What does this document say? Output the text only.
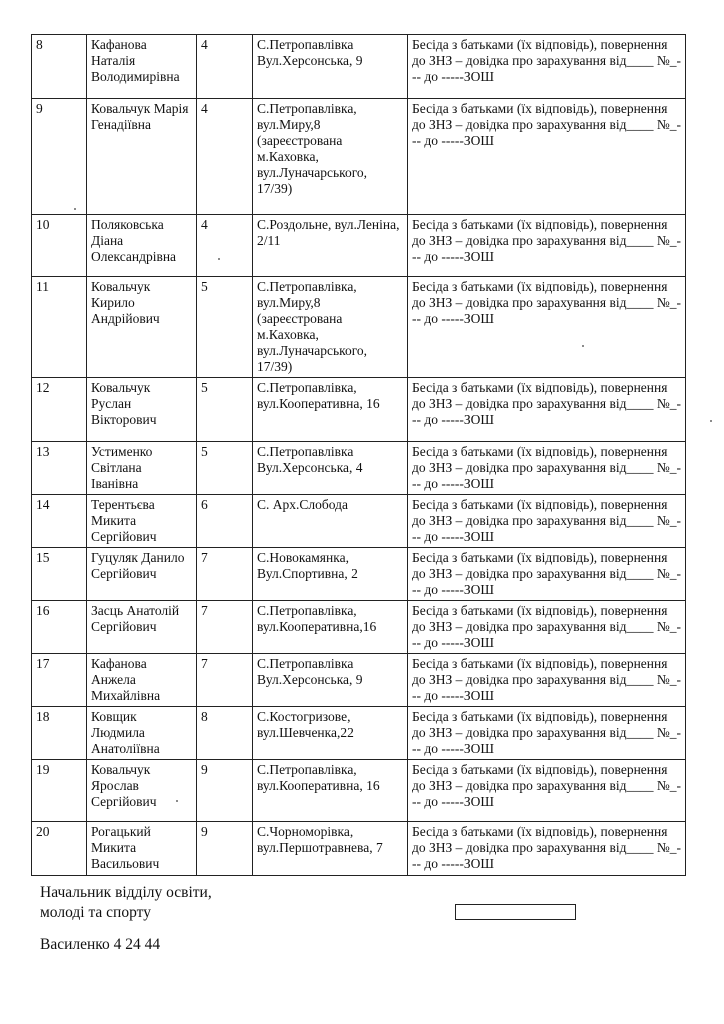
8	Кафанова Наталія Володимирівна	4	С.Петропавлівка Вул.Херсонська, 9	Бесіда з батьками (їх відповідь), повернення до ЗНЗ – довідка про зарахування від____ №_--- до -----ЗОШ
9	Ковальчук Марія Генадіївна	4	С.Петропавлівка, вул.Миру,8 (зареєстрована м.Каховка, вул.Луначарського, 17/39)	Бесіда з батьками (їх відповідь), повернення до ЗНЗ – довідка про зарахування від____ №_--- до -----ЗОШ
10	Поляковська Діана Олександрівна	4	С.Роздольне, вул.Леніна, 2/11	Бесіда з батьками (їх відповідь), повернення до ЗНЗ – довідка про зарахування від____ №_--- до -----ЗОШ
11	Ковальчук Кирило Андрійович	5	С.Петропавлівка, вул.Миру,8 (зареєстрована м.Каховка, вул.Луначарського, 17/39)	Бесіда з батьками (їх відповідь), повернення до ЗНЗ – довідка про зарахування від____ №_--- до -----ЗОШ
12	Ковальчук Руслан Вікторович	5	С.Петропавлівка, вул.Кооперативна, 16	Бесіда з батьками (їх відповідь), повернення до ЗНЗ – довідка про зарахування від____ №_--- до -----ЗОШ
13	Устименко Світлана Іванівна	5	С.Петропавлівка Вул.Херсонська, 4	Бесіда з батьками (їх відповідь), повернення до ЗНЗ – довідка про зарахування від____ №_--- до -----ЗОШ
14	Терентьєва Микита Сергійович	6	С. Арх.Слобода	Бесіда з батьками (їх відповідь), повернення до ЗНЗ – довідка про зарахування від____ №_--- до -----ЗОШ
15	Гуцуляк Данило Сергійович	7	С.Новокамянка, Вул.Спортивна, 2	Бесіда з батьками (їх відповідь), повернення до ЗНЗ – довідка про зарахування від____ №_--- до -----ЗОШ
16	Засць Анатолій Сергійович	7	С.Петропавлівка, вул.Кооперативна,16	Бесіда з батьками (їх відповідь), повернення до ЗНЗ – довідка про зарахування від____ №_--- до -----ЗОШ
17	Кафанова Анжела Михайлівна	7	С.Петропавлівка Вул.Херсонська, 9	Бесіда з батьками (їх відповідь), повернення до ЗНЗ – довідка про зарахування від____ №_--- до -----ЗОШ
18	Ковщик Людмила Анатоліївна	8	С.Костогризове, вул.Шевченка,22	Бесіда з батьками (їх відповідь), повернення до ЗНЗ – довідка про зарахування від____ №_--- до -----ЗОШ
19	Ковальчук Ярослав Сергійович	9	С.Петропавлівка, вул.Кооперативна, 16	Бесіда з батьками (їх відповідь), повернення до ЗНЗ – довідка про зарахування від____ №_--- до -----ЗОШ
20	Рогацький Микита Васильович	9	С.Чорноморівка, вул.Першотравнева, 7	Бесіда з батьками (їх відповідь), повернення до ЗНЗ – довідка про зарахування від____ №_--- до -----ЗОШ
Начальник відділу освіти,
молоді та спорту
Василенко 4 24 44
